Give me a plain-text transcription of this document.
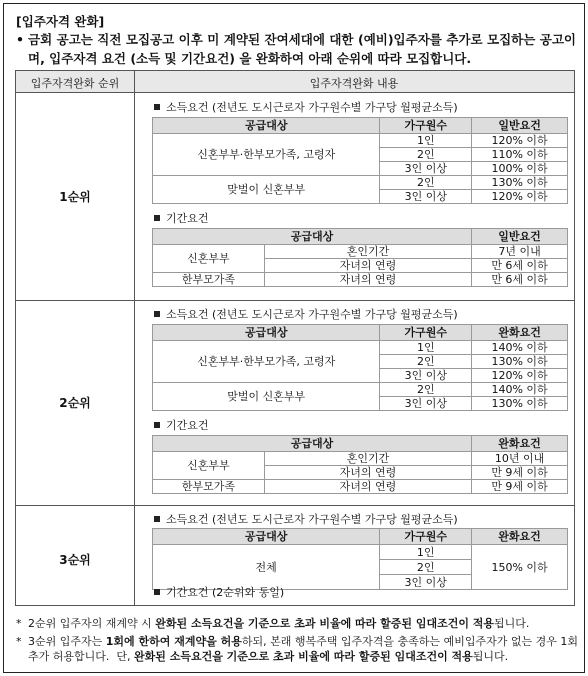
[입주자격 완화]
• 금회 공고는 직전 모집공고 이후 미 계약된 잔여세대에 대한 (예비)입주자를 추가로 모집하는 공고이며, 입주자격 요건 (소득 및 기간요건) 을 완화하여 아래 순위에 따라 모집합니다.
입주자격완화 순위	입주자격완화 내용
1순위
소득요건 (전년도 도시근로자 가구원수별 가구당 월평균소득)
공급대상	가구원수	일반요건
신혼부부·한부모가족, 고령자	1인	120% 이하
	2인	110% 이하
	3인 이상	100% 이하
맞벌이 신혼부부	2인	130% 이하
	3인 이상	120% 이하
기간요건
공급대상		일반요건
신혼부부	혼인기간	7년 이내
	자녀의 연령	만 6세 이하
한부모가족	자녀의 연령	만 6세 이하
2순위
소득요건 (전년도 도시근로자 가구원수별 가구당 월평균소득)
공급대상	가구원수	완화요건
신혼부부·한부모가족, 고령자	1인	140% 이하
	2인	130% 이하
	3인 이상	120% 이하
맞벌이 신혼부부	2인	140% 이하
	3인 이상	130% 이하
기간요건
공급대상		완화요건
신혼부부	혼인기간	10년 이내
	자녀의 연령	만 9세 이하
한부모가족	자녀의 연령	만 9세 이하
3순위
소득요건 (전년도 도시근로자 가구원수별 가구당 월평균소득)
공급대상	가구원수	완화요건
전체	1인	150% 이하
	2인	
	3인 이상	
기간요건 (2순위와 동일)
* 2순위 입주자의 재계약 시 완화된 소득요건을 기준으로 초과 비율에 따라 할증된 임대조건이 적용됩니다.
* 3순위 입주자는 1회에 한하여 재계약을 허용하되, 본래 행복주택 입주자격을 충족하는 예비입주자가 없는 경우 1회 추가 허용합니다.  단, 완화된 소득요건을 기준으로 초과 비율에 따라 할증된 임대조건이 적용됩니다.
